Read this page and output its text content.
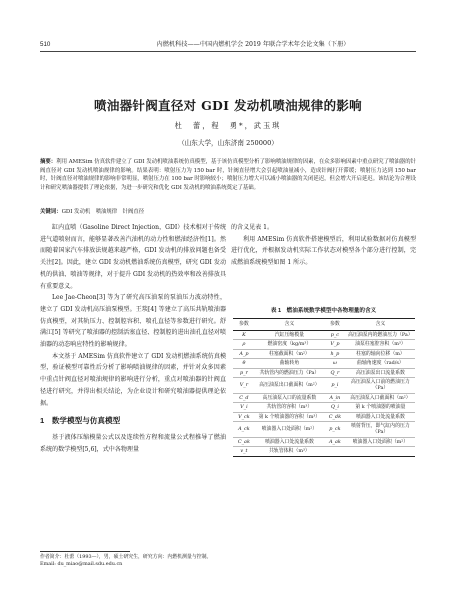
510	内燃机科技——中国内燃机学会 2019 年联合学术年会论文集（下册）
喷油器针阀直径对 GDI 发动机喷油规律的影响
杜　蕾，程　勇*，武玉琪
（山东大学，山东济南 250000）
摘要：利用 AMESim 仿真软件建立了 GDI 发动机喷油系统仿真模型，基于该仿真模型分析了影响喷油规律的因素，在众多影响因素中重点研究了喷油器的针阀直径对 GDI 发动机喷油规律的影响。结果表明：喷射压力为 150 bar 时，针阀直径增大会引起喷油量减小，造成针阀打开滞缓；喷射压力达到 150 bar 时，针阀直径对喷油规律的影响非常明显，喷射压力在 100 bar 时影响较小；喷射压力增大可以减小喷油器的关闭延迟，但会增大开启延迟。该结论为合理设计和研究喷油器提供了理论依据，为进一步研究和优化 GDI 发动机的喷油系统奠定了基础。
关键词：GDI 发动机　喷油规律　针阀直径

缸内直喷（Gasoline Direct Injection，GDI）技术相对于传统进气道喷射而言，能够显著改善汽油机的动力性和燃油经济性[1]。然而随着国家汽车排放法规越来越严格，GDI 发动机的排放问题也备受关注[2]。因此，建立 GDI 发动机燃油系统仿真模型，研究 GDI 发动机的供油、喷油等规律，对于提升 GDI 发动机的热效率和改善排放具有重要意义。

Lee Jae-Cheon[3] 等为了研究高压油泵的泵油压力波动特性，建立了 GDI 发动机高压油泵模型。王琰[4] 等建立了高压共轨喷油器仿真模型，对其轨压力、控制腔容积、喷孔直径等参数进行研究。舒满江[5] 等研究了喷油器的控制活塞直径、控制腔的进出油孔直径对喷油器的动态响应特性的影响规律。

本文基于 AMESim 仿真软件建立了 GDI 发动机燃油系统仿真模型，验证模型可靠性后分析了影响喷油规律的因素，并针对众多因素中重点针阀直径对喷油规律的影响进行分析，重点对喷油器的针阀直径进行研究，并得出相关结论，为企业设计和研究喷油器提供理论依据。

1　数学模型与仿真模型

基于液体压缩模量公式以及连续性方程和流量公式程推导了燃油系统的数学模型[5,6]，式中各物理量

的含义见表 1。

利用 AMESim 仿真软件搭建模型后，利用试验数据对仿真模型进行优化，并根据发动机实际工作状态对模型各个部分进行控制，完成燃油系统模型如图 1 所示。

表 1　燃油系统数学模型中各物理量的含义
参数	含义	参数	含义
K	汽缸压缩模量	p_c	高压油泵内的燃油压力（Pa）
ρ	燃油密度（kg/m³）	V_p	油泵柱塞腔容积（m³）
A_p	柱塞截面积（m²）	h_p	柱塞的轴向位移（m）
θ	曲轴转角	ω	曲轴角速度（rad/s）
p_r	共轨管内的燃油压力（Pa）	Q_r	高压油泵出口流量系数
V_r	高压油泵出口截面积（m²）	p_i	高压油泵入口前的燃油压力（Pa）
C_d	高压油泵入口的流量系数	A_in	高压油泵入口截面积（m²）
V_i	共轨管的容积（m³）	Q_i	第 k 个喷油器的喷油量
V_ck	第 k 个喷油器的容积（m³）	C_dk	喷油器入口处流量系数
A_ck	喷油器入口处面积（m²）	p_ck	喷射背压，即气缸内的压力（Pa）
C_ak	喷油器入口处流量系数	A_ak	喷油器入口处面积（m²）
v_t	共轨管体积（m³）		
作者简介：杜蕾（1993—），男，硕士研究生，研究方向：内燃机测量与控制。
Email: du_miao@mail.sdu.edu.cn
